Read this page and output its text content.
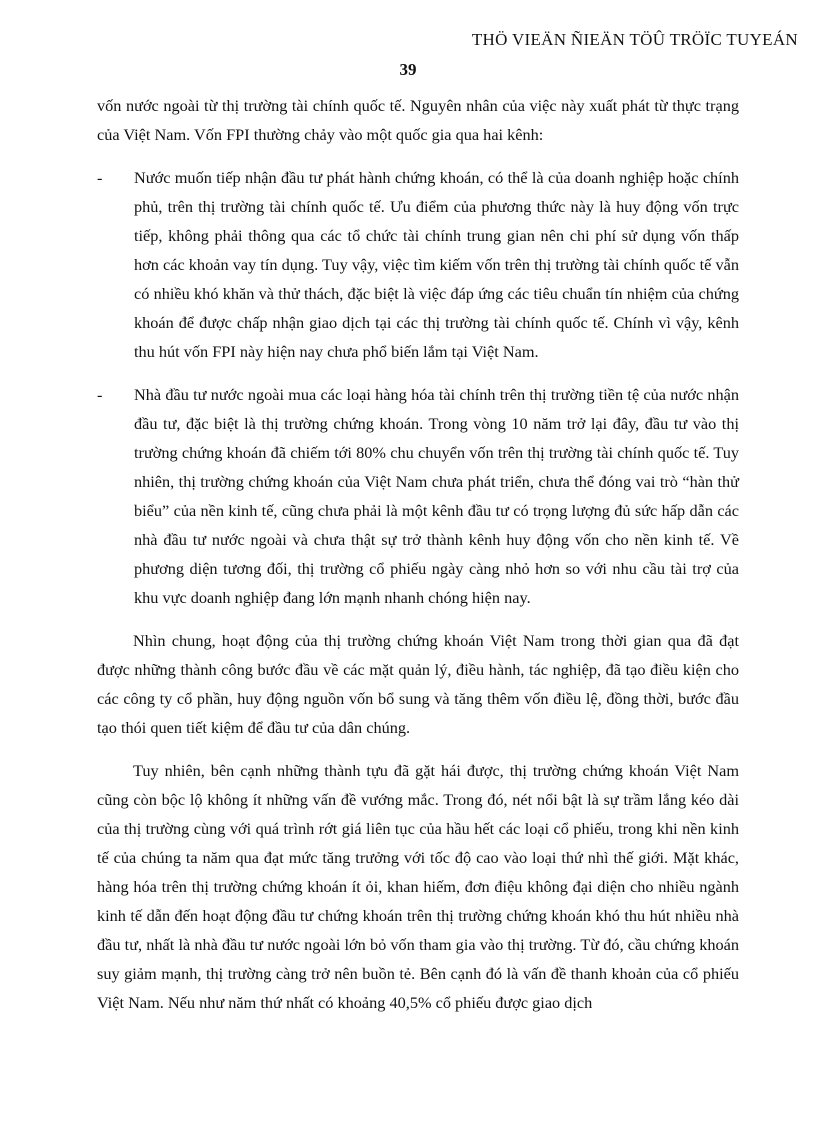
THÖ VIEÄN ÑIEÄN TÖÛ TRÖÏC TUYEÁN
39

vốn nước ngoài từ thị trường tài chính quốc tế. Nguyên nhân của việc này xuất phát từ thực trạng của Việt Nam. Vốn FPI thường chảy vào một quốc gia qua hai kênh:

- Nước muốn tiếp nhận đầu tư phát hành chứng khoán, có thể là của doanh nghiệp hoặc chính phủ, trên thị trường tài chính quốc tế. Ưu điểm của phương thức này là huy động vốn trực tiếp, không phải thông qua các tổ chức tài chính trung gian nên chi phí sử dụng vốn thấp hơn các khoản vay tín dụng. Tuy vậy, việc tìm kiếm vốn trên thị trường tài chính quốc tế vẫn có nhiều khó khăn và thử thách, đặc biệt là việc đáp ứng các tiêu chuẩn tín nhiệm của chứng khoán để được chấp nhận giao dịch tại các thị trường tài chính quốc tế. Chính vì vậy, kênh thu hút vốn FPI này hiện nay chưa phổ biến lắm tại Việt Nam.
- Nhà đầu tư nước ngoài mua các loại hàng hóa tài chính trên thị trường tiền tệ của nước nhận đầu tư, đặc biệt là thị trường chứng khoán. Trong vòng 10 năm trở lại đây, đầu tư vào thị trường chứng khoán đã chiếm tới 80% chu chuyển vốn trên thị trường tài chính quốc tế. Tuy nhiên, thị trường chứng khoán của Việt Nam chưa phát triển, chưa thể đóng vai trò “hàn thử biểu” của nền kinh tế, cũng chưa phải là một kênh đầu tư có trọng lượng đủ sức hấp dẫn các nhà đầu tư nước ngoài và chưa thật sự trở thành kênh huy động vốn cho nền kinh tế. Về phương diện tương đối, thị trường cổ phiếu ngày càng nhỏ hơn so với nhu cầu tài trợ của khu vực doanh nghiệp đang lớn mạnh nhanh chóng hiện nay.

Nhìn chung, hoạt động của thị trường chứng khoán Việt Nam trong thời gian qua đã đạt được những thành công bước đầu về các mặt quản lý, điều hành, tác nghiệp, đã tạo điều kiện cho các công ty cổ phần, huy động nguồn vốn bổ sung và tăng thêm vốn điều lệ, đồng thời, bước đầu tạo thói quen tiết kiệm để đầu tư của dân chúng.

Tuy nhiên, bên cạnh những thành tựu đã gặt hái được, thị trường chứng khoán Việt Nam cũng còn bộc lộ không ít những vấn đề vướng mắc. Trong đó, nét nổi bật là sự trầm lắng kéo dài của thị trường cùng với quá trình rớt giá liên tục của hầu hết các loại cổ phiếu, trong khi nền kinh tế của chúng ta năm qua đạt mức tăng trưởng với tốc độ cao vào loại thứ nhì thế giới. Mặt khác, hàng hóa trên thị trường chứng khoán ít ỏi, khan hiếm, đơn điệu không đại diện cho nhiều ngành kinh tế dẫn đến hoạt động đầu tư chứng khoán trên thị trường chứng khoán khó thu hút nhiều nhà đầu tư, nhất là nhà đầu tư nước ngoài lớn bỏ vốn tham gia vào thị trường. Từ đó, cầu chứng khoán suy giảm mạnh, thị trường càng trở nên buồn tẻ. Bên cạnh đó là vấn đề thanh khoản của cổ phiếu Việt Nam. Nếu như năm thứ nhất có khoảng 40,5% cổ phiếu được giao dịch
